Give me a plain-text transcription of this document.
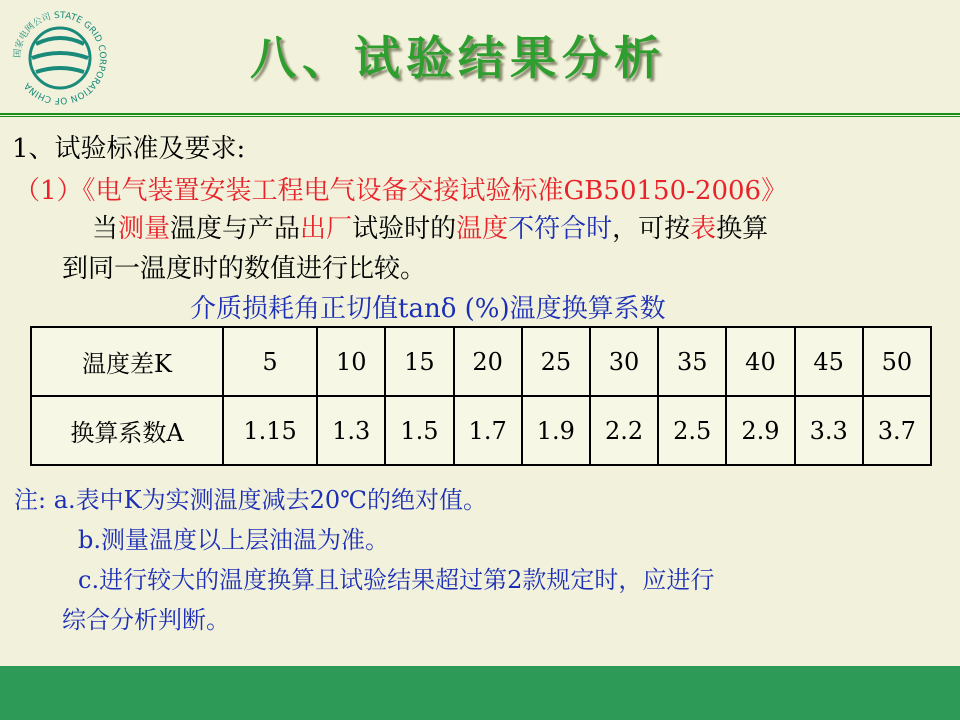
国家电网公司 STATE GRID CORPORATION OF CHINA
八、试验结果分析
1、试验标准及要求:
（1）《电气装置安装工程电气设备交接试验标准GB50150-2006》
当测量温度与产品出厂试验时的温度不符合时，可按表换算
到同一温度时的数值进行比较。
介质损耗角正切值tanδ (%)温度换算系数
温度差K	5	10	15	20	25	30	35	40	45	50
换算系数A	1.15	1.3	1.5	1.7	1.9	2.2	2.5	2.9	3.3	3.7
注: a.表中K为实测温度减去20℃的绝对值。
b.测量温度以上层油温为准。
c.进行较大的温度换算且试验结果超过第2款规定时，应进行
综合分析判断。
